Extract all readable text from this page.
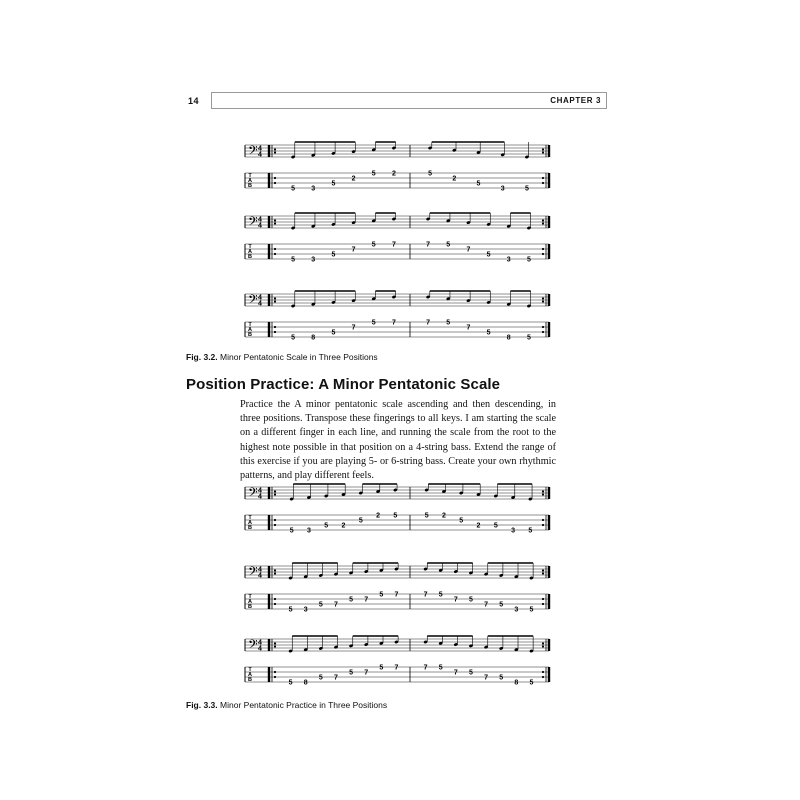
14	CHAPTER 3
𝄢 4
4
T
A
B	5 3
5
2
5 2	5
2
5
3	5
𝄢 4
4
T
A
B	5 3
5
7
5 7	7 5
7
5
3 5
𝄢 4
4
T
A
B	5 8
5
7
5 7	7 5
7
5
8 5
Fig. 3.2. Minor Pentatonic Scale in Three Positions
Position Practice: A Minor Pentatonic Scale
Practice the A minor pentatonic scale ascending and then descending, in three positions. Transpose these fingerings to all keys. I am starting the scale on a different finger in each line, and running the scale from the root to the highest note possible in that position on a 4-string bass. Extend the range of this exercise if you are playing 5- or 6-string bass. Create your own rhythmic patterns, and play different feels.
𝄢 4
4
T
A
B	5 3
5 2
5
2 5	5 2
5
2 5
3 5
𝄢 4
4
T
A
B	5 3
5 7
5 7
5 7	7 5
7 5
7 5
3 5
𝄢 4
4
T
A
B	5 8
5 7
5 7
5 7	7 5
7 5
7 5
8 5
Fig. 3.3. Minor Pentatonic Practice in Three Positions
